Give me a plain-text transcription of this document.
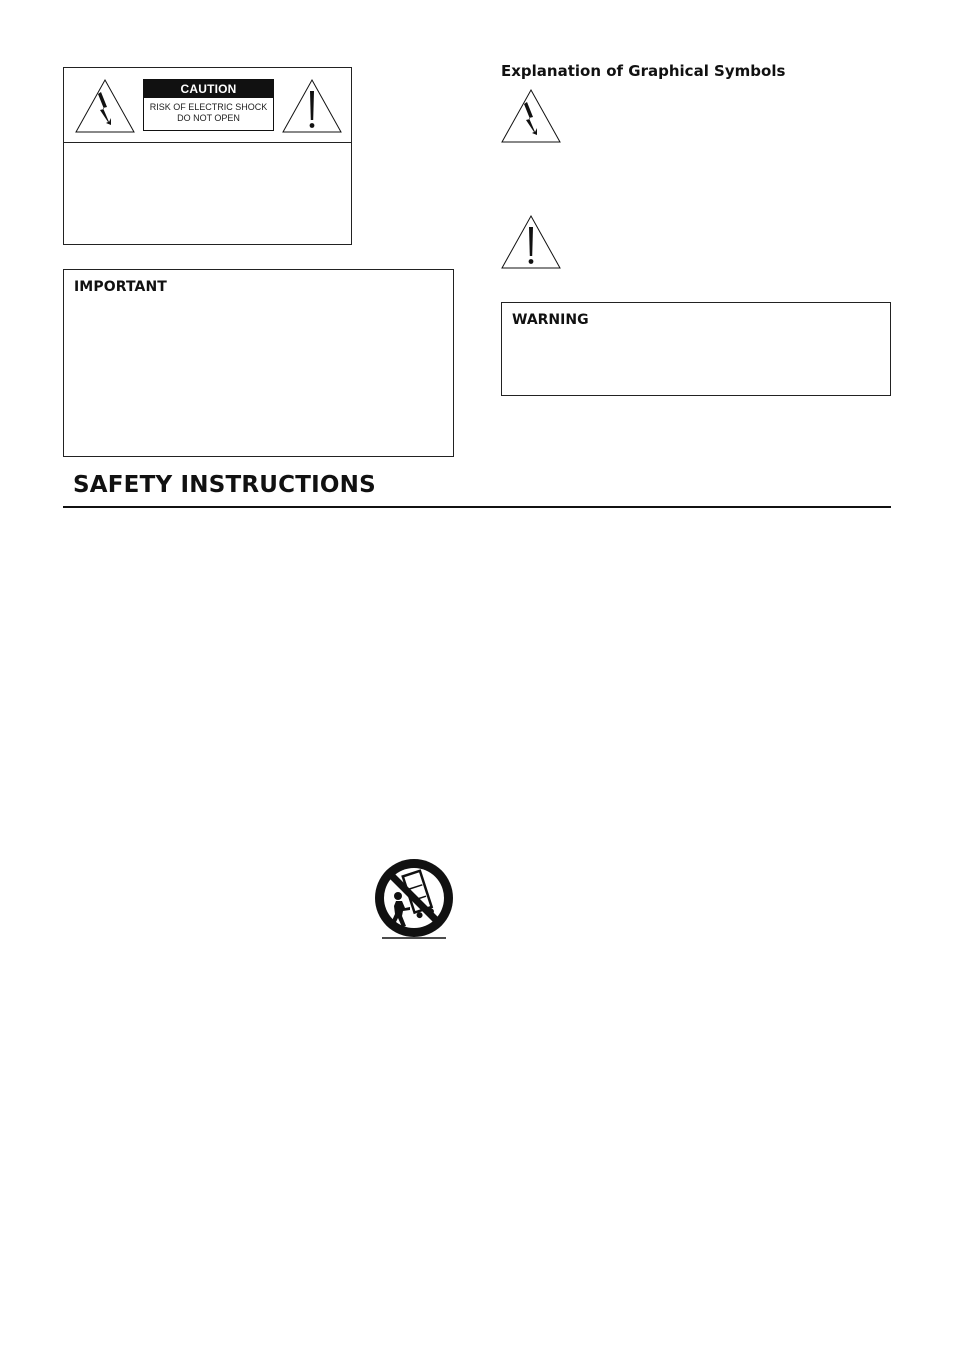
CAUTION
RISK OF ELECTRIC SHOCK
DO NOT OPEN
IMPORTANT
Explanation of Graphical Symbols
WARNING
SAFETY INSTRUCTIONS
